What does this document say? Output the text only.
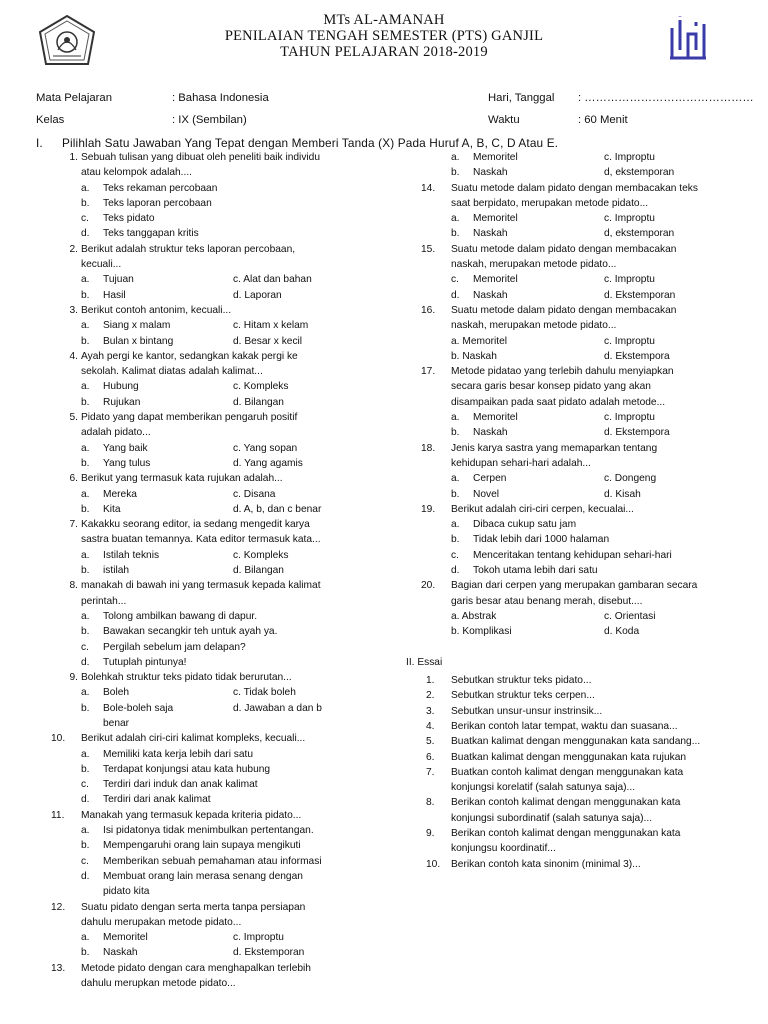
MTs AL-AMANAH
PENILAIAN TENGAH SEMESTER (PTS) GANJIL
TAHUN PELAJARAN 2018-2019
Mata Pelajaran	: Bahasa Indonesia
Kelas	: IX (Sembilan)
Hari, Tanggal : ………………………………………
Waktu	: 60 Menit
I. Pilihlah Satu Jawaban Yang Tepat dengan Memberi Tanda (X) Pada Huruf A, B, C, D Atau E.
1. Sebuah tulisan yang dibuat oleh peneliti baik individu
atau kelompok adalah....
a. Teks rekaman percobaan
b. Teks laporan percobaan
c. Teks pidato
d. Teks tanggapan kritis
2. Berikut adalah struktur teks laporan percobaan,
kecuali...
a. Tujuan	c. Alat dan bahan
b. Hasil	d. Laporan
3. Berikut contoh antonim, kecuali...
a. Siang x malam	c. Hitam x kelam
b. Bulan x bintang	d. Besar x kecil
4. Ayah pergi ke kantor, sedangkan kakak pergi ke
sekolah. Kalimat diatas adalah kalimat...
a. Hubung	c. Kompleks
b. Rujukan	d. Bilangan
5. Pidato yang dapat memberikan pengaruh positif
adalah pidato...
a. Yang baik	c. Yang sopan
b. Yang tulus	d. Yang agamis
6. Berikut yang termasuk kata rujukan adalah...
a. Mereka	c. Disana
b. Kita	d. A, b, dan c benar
7. Kakakku seorang editor, ia sedang mengedit karya
sastra buatan temannya. Kata editor termasuk kata...
a. Istilah teknis	c. Kompleks
b. istilah	d. Bilangan
8. manakah di bawah ini yang termasuk kepada kalimat
perintah...
a. Tolong ambilkan bawang di dapur.
b. Bawakan secangkir teh untuk ayah ya.
c. Pergilah sebelum jam delapan?
d. Tutuplah pintunya!
9. Bolehkah struktur teks pidato tidak berurutan...
a. Boleh	c. Tidak boleh
b. Bole-boleh saja	d. Jawaban a dan b
benar
10.	Berikut adalah ciri-ciri kalimat kompleks, kecuali...
a. Memiliki kata kerja lebih dari satu
b. Terdapat konjungsi atau kata hubung
c. Terdiri dari induk dan anak kalimat
d. Terdiri dari anak kalimat
11.	Manakah yang termasuk kepada kriteria pidato...
a. Isi pidatonya tidak menimbulkan pertentangan.
b. Mempengaruhi orang lain supaya mengikuti
c. Memberikan sebuah pemahaman atau informasi
d. Membuat orang lain merasa senang dengan
pidato kita
12.	Suatu pidato dengan serta merta tanpa persiapan
dahulu merupakan metode pidato...
a. Memoritel	c. Improptu
b. Naskah	d. Ekstemporan
13.	Metode pidato dengan cara menghapalkan terlebih
dahulu merupkan metode pidato...
a. Memoritel	c. Improptu
b. Naskah	d, ekstemporan
14.	Suatu metode dalam pidato dengan membacakan teks
saat berpidato, merupakan metode pidato...
a. Memoritel	c. Improptu
b. Naskah	d, ekstemporan
15.	Suatu metode dalam pidato dengan membacakan
naskah, merupakan metode pidato...
c. Memoritel	c. Improptu
d. Naskah	d. Ekstemporan
16.	Suatu metode dalam pidato dengan membacakan
naskah, merupakan metode pidato...
a. Memoritel	c. Improptu
b. Naskah	d. Ekstempora
17.	Metode pidatao yang terlebih dahulu menyiapkan
secara garis besar konsep pidato yang akan
disampaikan pada saat pidato adalah metode...
a. Memoritel	c. Improptu
b. Naskah	d. Ekstempora
18.	Jenis karya sastra yang memaparkan tentang
kehidupan sehari-hari adalah...
a. Cerpen	c. Dongeng
b. Novel	d. Kisah
19.	Berikut adalah ciri-ciri cerpen, kecualai...
a. Dibaca cukup satu jam
b. Tidak lebih dari 1000 halaman
c. Menceritakan tentang kehidupan sehari-hari
d. Tokoh utama lebih dari satu
20.	Bagian dari cerpen yang merupakan gambaran secara
garis besar atau benang merah, disebut....
a. Abstrak	c. Orientasi
b. Komplikasi	d. Koda
II. Essai
1.	Sebutkan struktur teks pidato...
2.	Sebutkan struktur teks cerpen...
3.	Sebutkan unsur-unsur instrinsik...
4.	Berikan contoh latar tempat, waktu dan suasana...
5.	Buatkan kalimat dengan menggunakan kata sandang...
6.	Buatkan kalimat dengan menggunakan kata rujukan
7.	Buatkan contoh kalimat dengan menggunakan kata
konjungsi korelatif (salah satunya saja)...
8.	Berikan contoh kalimat dengan menggunakan kata
konjungsi subordinatif (salah satunya saja)...
9.	Berikan contoh kalimat dengan menggunakan kata
konjungsu koordinatif...
10. Berikan contoh kata sinonim (minimal 3)...
